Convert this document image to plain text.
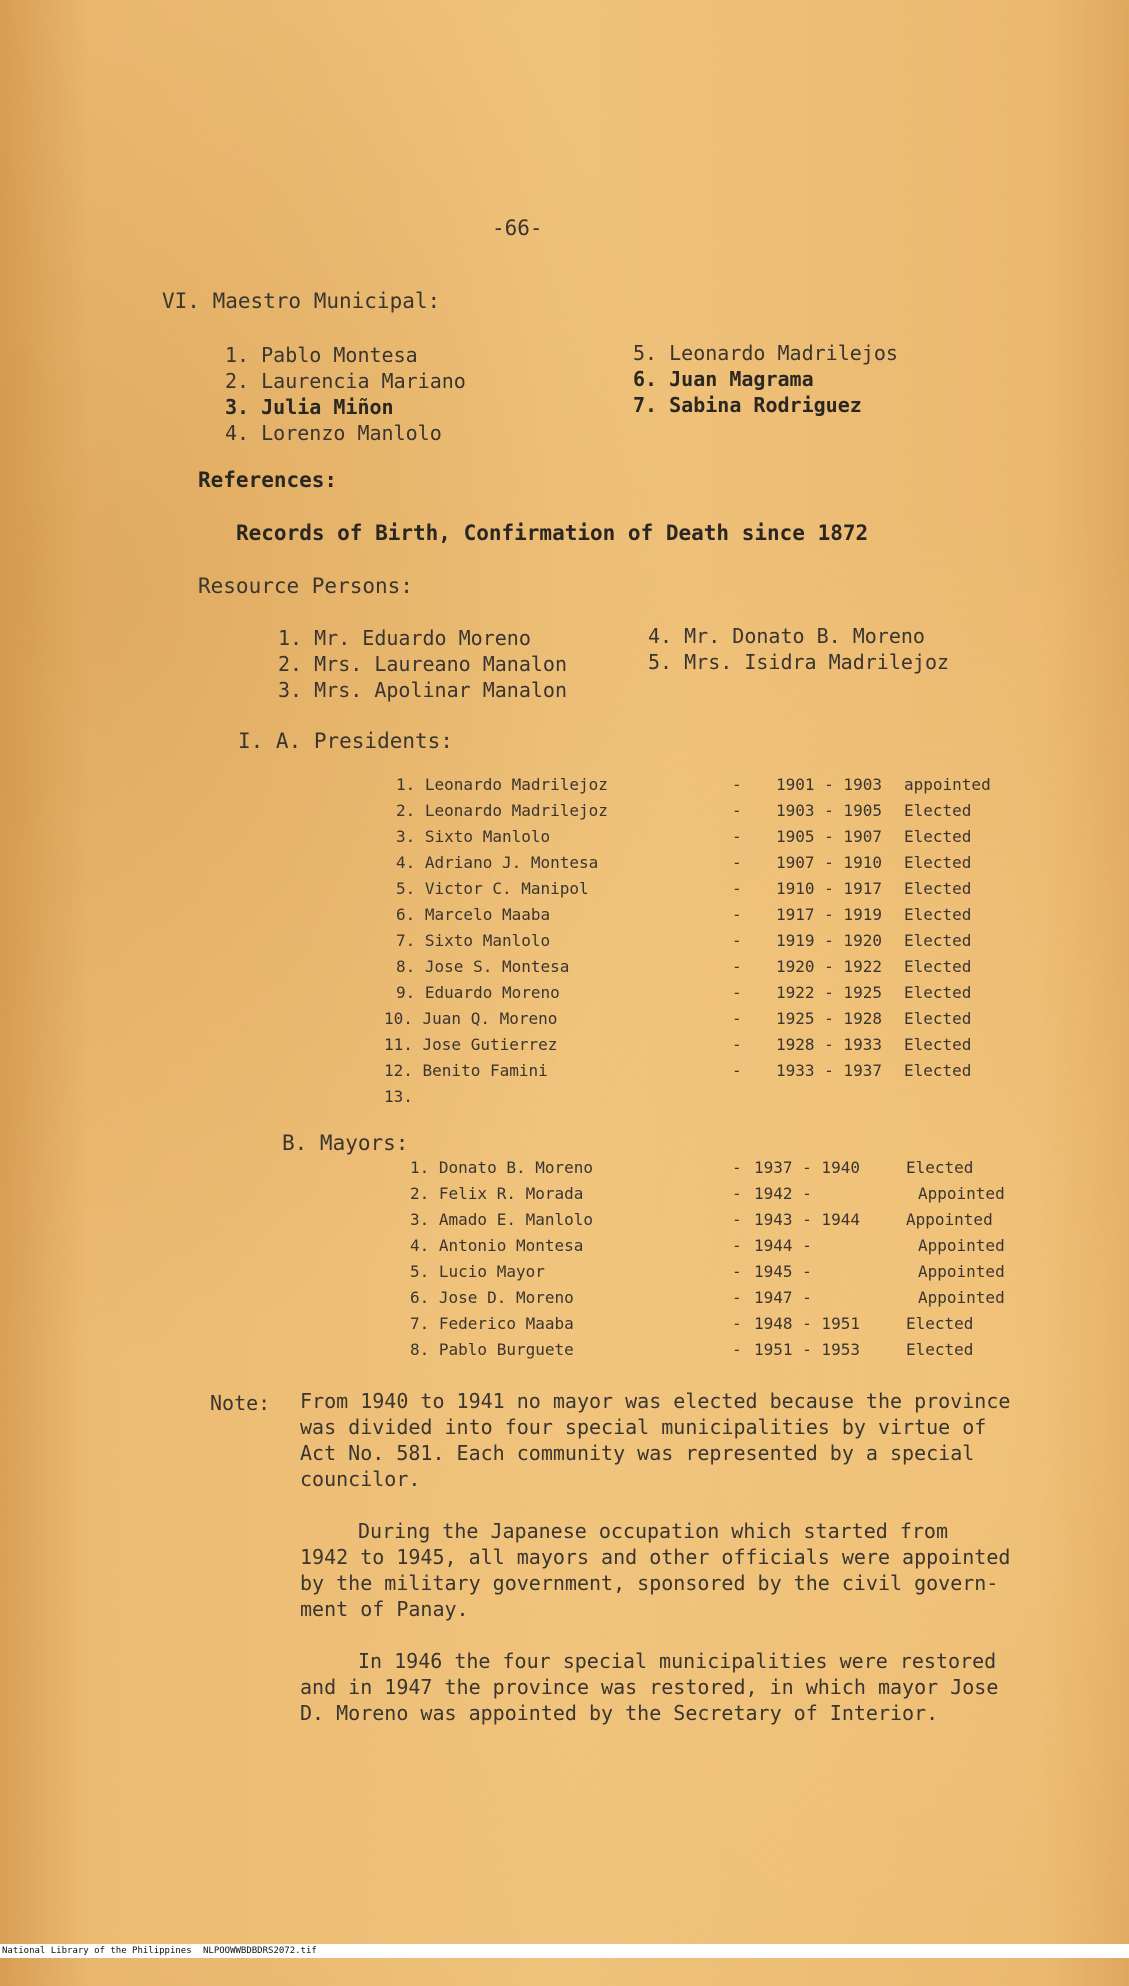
-66-
VI. Maestro Municipal:
1. Pablo Montesa
2. Laurencia Mariano
3. Julia Miñon
4. Lorenzo Manlolo
5. Leonardo Madrilejos
6. Juan Magrama
7. Sabina Rodriguez
References:
Records of Birth, Confirmation of Death since 1872
Resource Persons:
1. Mr. Eduardo Moreno
2. Mrs. Laureano Manalon
3. Mrs. Apolinar Manalon
4. Mr. Donato B. Moreno
5. Mrs. Isidra Madrilejoz
I. A. Presidents:
1. Leonardo Madrilejoz	- 1901 - 1903 appointed
2. Leonardo Madrilejoz	- 1903 - 1905 Elected
3. Sixto Manlolo	- 1905 - 1907 Elected
4. Adriano J. Montesa	- 1907 - 1910 Elected
5. Victor C. Manipol	- 1910 - 1917 Elected
6. Marcelo Maaba	- 1917 - 1919 Elected
7. Sixto Manlolo	- 1919 - 1920 Elected
8. Jose S. Montesa	- 1920 - 1922 Elected
9. Eduardo Moreno	- 1922 - 1925 Elected
10. Juan Q. Moreno	- 1925 - 1928 Elected
11. Jose Gutierrez	- 1928 - 1933 Elected
12. Benito Famini	- 1933 - 1937 Elected
13.
B. Mayors:
1. Donato B. Moreno	- 1937 - 1940	Elected
2. Felix R. Morada	- 1942 -	Appointed
3. Amado E. Manlolo	- 1943 - 1944	Appointed
4. Antonio Montesa	- 1944 -	Appointed
5. Lucio Mayor	- 1945 -	Appointed
6. Jose D. Moreno	- 1947 -	Appointed
7. Federico Maaba	- 1948 - 1951	Elected
8. Pablo Burguete	- 1951 - 1953	Elected
Note: From 1940 to 1941 no mayor was elected because the province
was divided into four special municipalities by virtue of
Act No. 581. Each community was represented by a special
councilor.
During the Japanese occupation which started from
1942 to 1945, all mayors and other officials were appointed
by the military government, sponsored by the civil govern-
ment of Panay.
In 1946 the four special municipalities were restored
and in 1947 the province was restored, in which mayor Jose
D. Moreno was appointed by the Secretary of Interior.

National Library of the Philippines

NLPOOWWBDBDRS2072.tif
